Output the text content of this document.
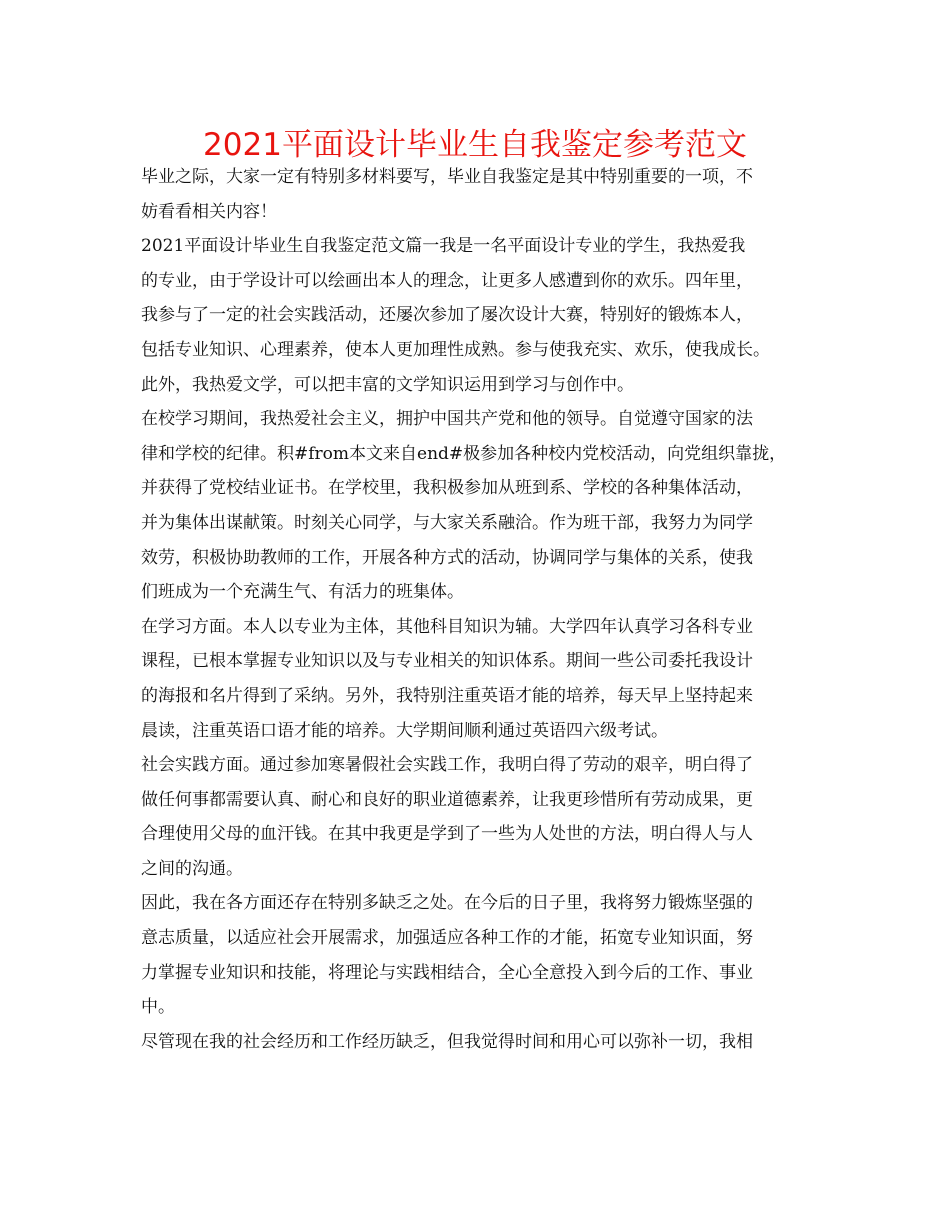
2021平面设计毕业生自我鉴定参考范文
毕业之际，大家一定有特别多材料要写，毕业自我鉴定是其中特别重要的一项，不
妨看看相关内容！
2021平面设计毕业生自我鉴定范文篇一我是一名平面设计专业的学生，我热爱我
的专业，由于学设计可以绘画出本人的理念，让更多人感遭到你的欢乐。四年里，
我参与了一定的社会实践活动，还屡次参加了屡次设计大赛，特别好的锻炼本人，
包括专业知识、心理素养，使本人更加理性成熟。参与使我充实、欢乐，使我成长。
此外，我热爱文学，可以把丰富的文学知识运用到学习与创作中。
在校学习期间，我热爱社会主义，拥护中国共产党和他的领导。自觉遵守国家的法
律和学校的纪律。积#from本文来自end#极参加各种校内党校活动，向党组织靠拢，
并获得了党校结业证书。在学校里，我积极参加从班到系、学校的各种集体活动，
并为集体出谋献策。时刻关心同学，与大家关系融洽。作为班干部，我努力为同学
效劳，积极协助教师的工作，开展各种方式的活动，协调同学与集体的关系，使我
们班成为一个充满生气、有活力的班集体。
在学习方面。本人以专业为主体，其他科目知识为辅。大学四年认真学习各科专业
课程，已根本掌握专业知识以及与专业相关的知识体系。期间一些公司委托我设计
的海报和名片得到了采纳。另外，我特别注重英语才能的培养，每天早上坚持起来
晨读，注重英语口语才能的培养。大学期间顺利通过英语四六级考试。
社会实践方面。通过参加寒暑假社会实践工作，我明白得了劳动的艰辛，明白得了
做任何事都需要认真、耐心和良好的职业道德素养，让我更珍惜所有劳动成果，更
合理使用父母的血汗钱。在其中我更是学到了一些为人处世的方法，明白得人与人
之间的沟通。
因此，我在各方面还存在特别多缺乏之处。在今后的日子里，我将努力锻炼坚强的
意志质量，以适应社会开展需求，加强适应各种工作的才能，拓宽专业知识面，努
力掌握专业知识和技能，将理论与实践相结合，全心全意投入到今后的工作、事业
中。
尽管现在我的社会经历和工作经历缺乏，但我觉得时间和用心可以弥补一切，我相
